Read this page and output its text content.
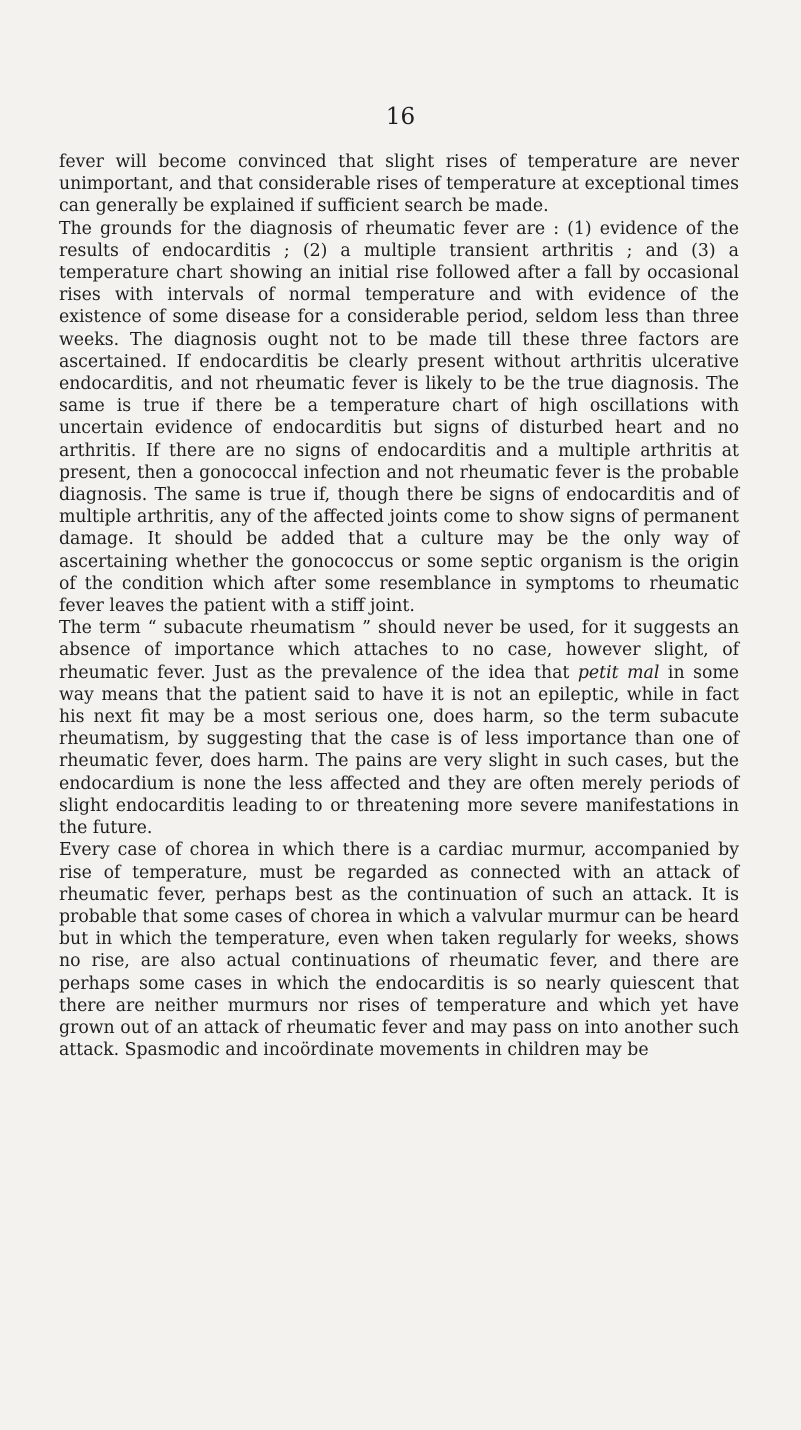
16

fever will become convinced that slight rises of temperature are never unimportant, and that considerable rises of temperature at exceptional times can generally be explained if sufficient search be made.

The grounds for the diagnosis of rheumatic fever are : (1) evidence of the results of endocarditis ; (2) a multiple transient arthritis ; and (3) a temperature chart showing an initial rise followed after a fall by occasional rises with intervals of normal temperature and with evidence of the existence of some disease for a considerable period, seldom less than three weeks. The diagnosis ought not to be made till these three factors are ascertained. If endocarditis be clearly present without arthritis ulcerative endocarditis, and not rheumatic fever is likely to be the true diagnosis. The same is true if there be a temperature chart of high oscillations with uncertain evidence of endocarditis but signs of disturbed heart and no arthritis. If there are no signs of endocarditis and a multiple arthritis at present, then a gonococcal infection and not rheumatic fever is the probable diagnosis. The same is true if, though there be signs of endocarditis and of multiple arthritis, any of the affected joints come to show signs of permanent damage. It should be added that a culture may be the only way of ascertaining whether the gonococcus or some septic organism is the origin of the condition which after some resemblance in symptoms to rheumatic fever leaves the patient with a stiff joint.

The term “ subacute rheumatism ” should never be used, for it suggests an absence of importance which attaches to no case, however slight, of rheumatic fever. Just as the prevalence of the idea that petit mal in some way means that the patient said to have it is not an epileptic, while in fact his next fit may be a most serious one, does harm, so the term subacute rheumatism, by suggesting that the case is of less importance than one of rheumatic fever, does harm. The pains are very slight in such cases, but the endocardium is none the less affected and they are often merely periods of slight endocarditis leading to or threatening more severe manifestations in the future.

Every case of chorea in which there is a cardiac murmur, accompanied by rise of temperature, must be regarded as connected with an attack of rheumatic fever, perhaps best as the continuation of such an attack. It is probable that some cases of chorea in which a valvular murmur can be heard but in which the temperature, even when taken regularly for weeks, shows no rise, are also actual continuations of rheumatic fever, and there are perhaps some cases in which the endocarditis is so nearly quiescent that there are neither murmurs nor rises of temperature and which yet have grown out of an attack of rheumatic fever and may pass on into another such attack. Spasmodic and incoördinate movements in children may be
